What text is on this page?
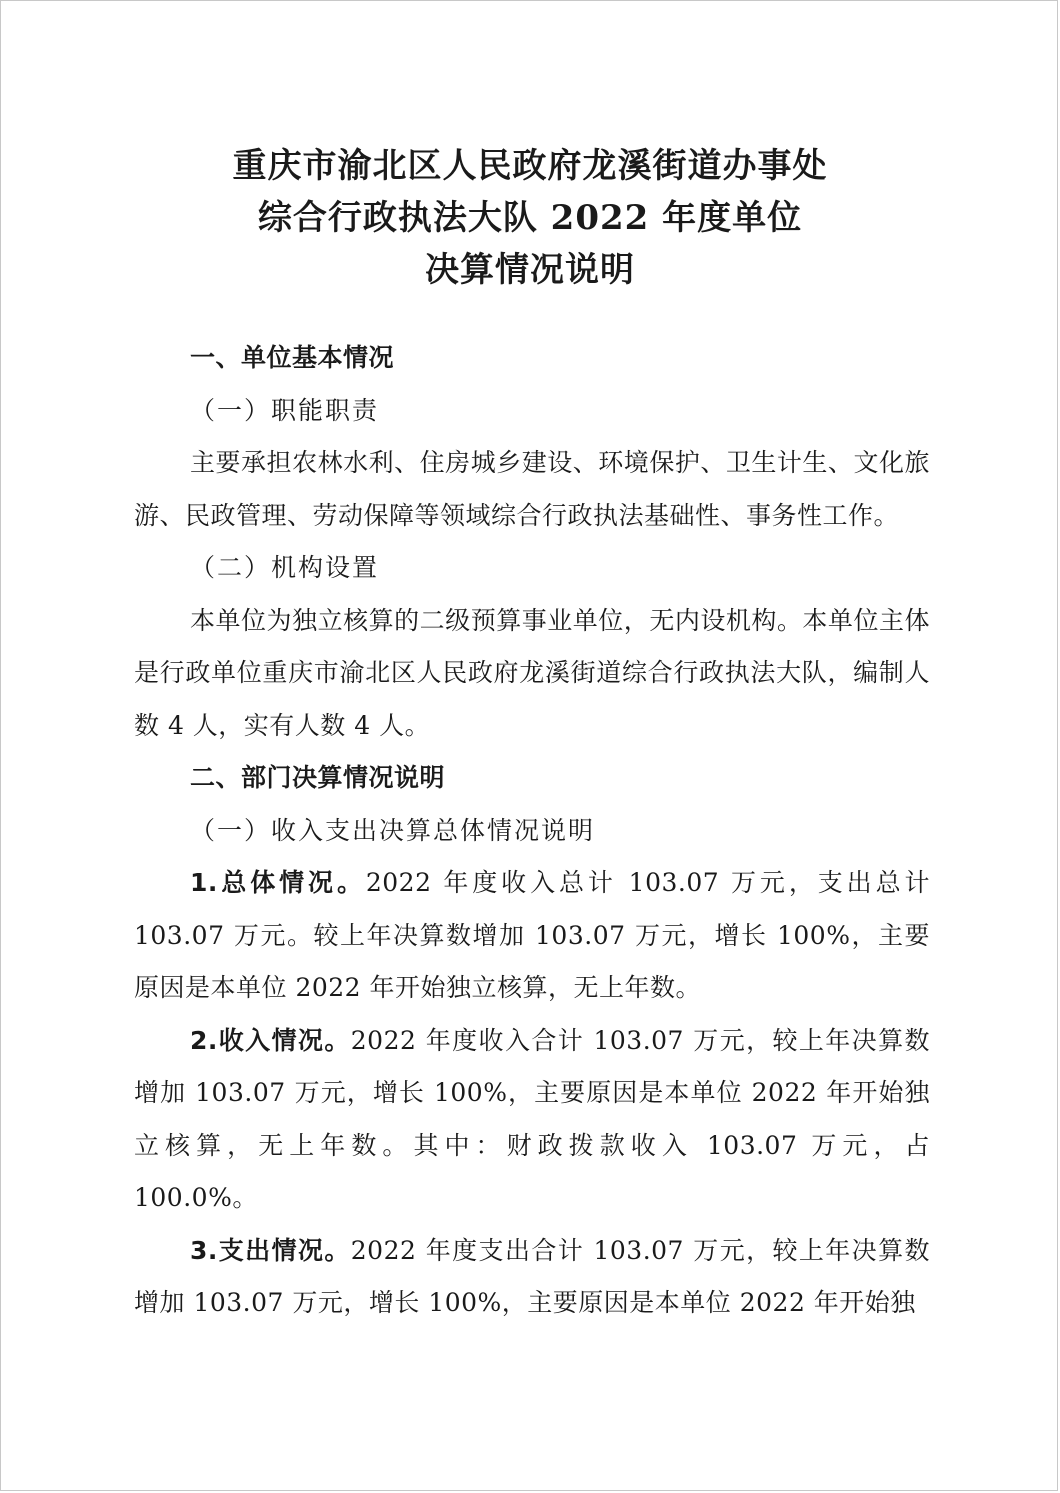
重庆市渝北区人民政府龙溪街道办事处
综合行政执法大队 2022 年度单位
决算情况说明

一、单位基本情况

（一）职能职责

主要承担农林水利、住房城乡建设、环境保护、卫生计生、文化旅游、民政管理、劳动保障等领域综合行政执法基础性、事务性工作。

（二）机构设置

本单位为独立核算的二级预算事业单位，无内设机构。本单位主体是行政单位重庆市渝北区人民政府龙溪街道综合行政执法大队，编制人数 4 人，实有人数 4 人。

二、部门决算情况说明

（一）收入支出决算总体情况说明

1.总体情况。2022 年度收入总计 103.07 万元，支出总计 103.07 万元。较上年决算数增加 103.07 万元，增长 100%，主要原因是本单位 2022 年开始独立核算，无上年数。

2.收入情况。2022 年度收入合计 103.07 万元，较上年决算数增加 103.07 万元，增长 100%，主要原因是本单位 2022 年开始独立核算，无上年数。其中：财政拨款收入 103.07 万元，占 100.0%。

3.支出情况。2022 年度支出合计 103.07 万元，较上年决算数增加 103.07 万元，增长 100%，主要原因是本单位 2022 年开始独
